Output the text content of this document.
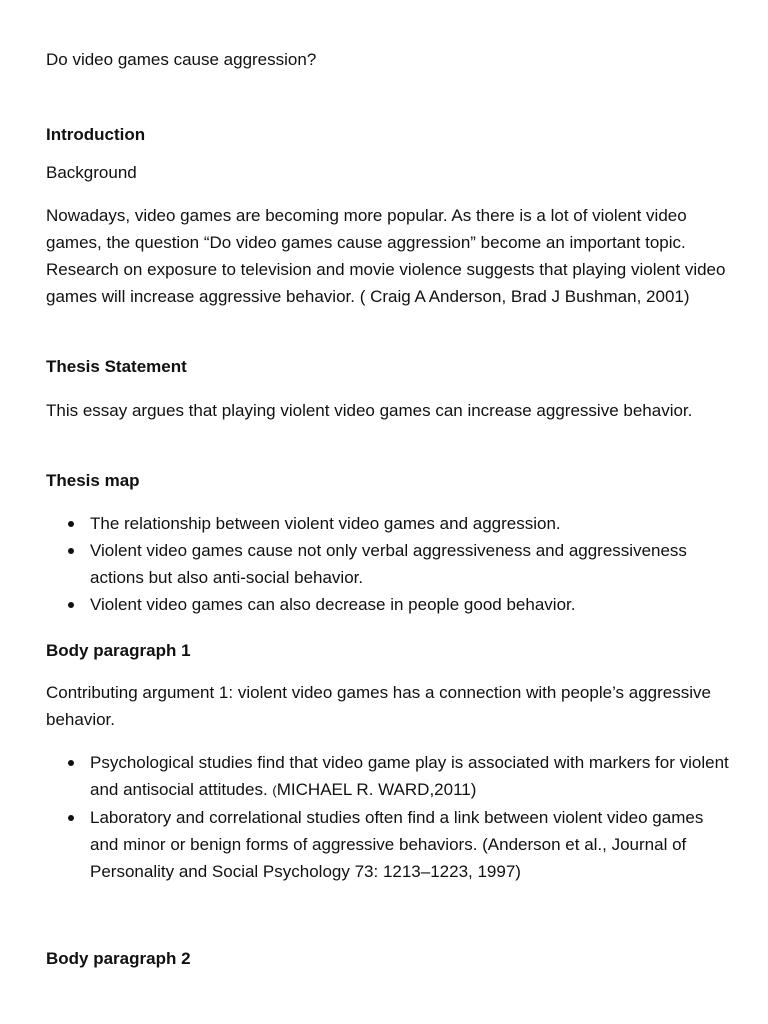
Do video games cause aggression?

Introduction

Background

Nowadays, video games are becoming more popular. As there is a lot of violent video games, the question “Do video games cause aggression” become an important topic. Research on exposure to television and movie violence suggests that playing violent video games will increase aggressive behavior. ( Craig A Anderson, Brad J Bushman, 2001)

Thesis Statement

This essay argues that playing violent video games can increase aggressive behavior.

Thesis map

The relationship between violent video games and aggression.
Violent video games cause not only verbal aggressiveness and aggressiveness actions but also anti-social behavior.
Violent video games can also decrease in people good behavior.

Body paragraph 1

Contributing argument 1: violent video games has a connection with people’s aggressive behavior.

Psychological studies find that video game play is associated with markers for violent and antisocial attitudes. (MICHAEL R. WARD,2011)
Laboratory and correlational studies often find a link between violent video games and minor or benign forms of aggressive behaviors. (Anderson et al., Journal of Personality and Social Psychology 73: 1213–1223, 1997)

Body paragraph 2
